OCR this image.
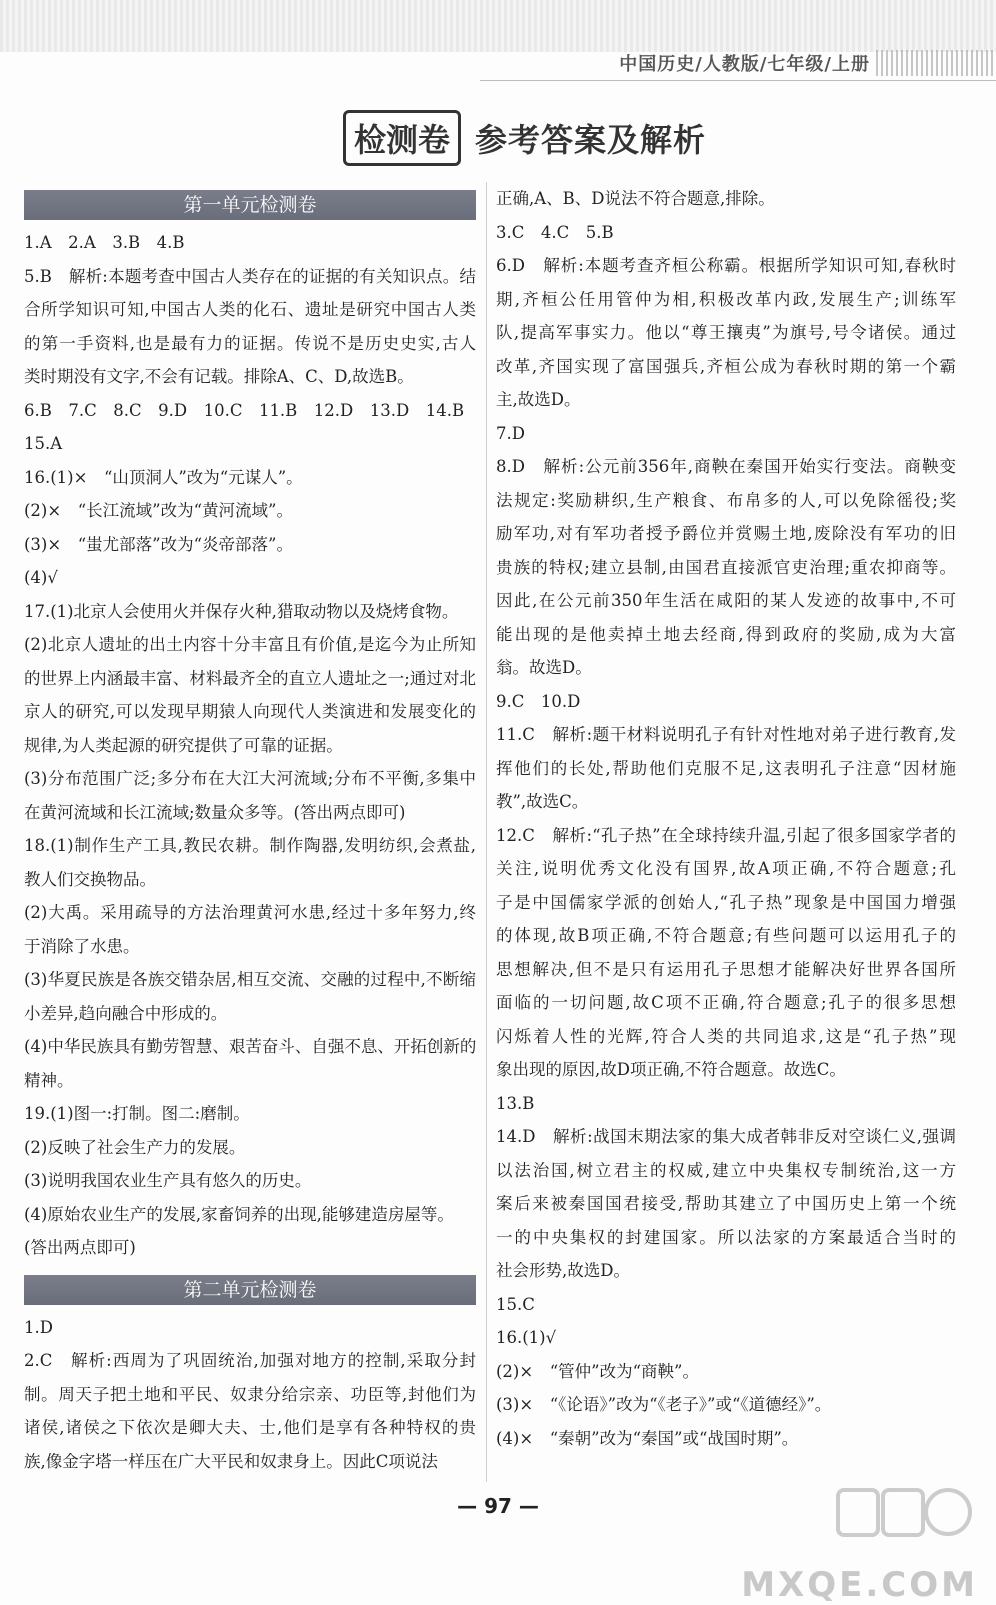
中国历史/人教版/七年级/上册
检测卷 参考答案及解析
第一单元检测卷
1.A　2.A　3.B　4.B
5.B　解析:本题考查中国古人类存在的证据的有关知识点。结
合所学知识可知,中国古人类的化石、遗址是研究中国古人类
的第一手资料,也是最有力的证据。传说不是历史史实,古人
类时期没有文字,不会有记载。排除A、C、D,故选B。
6.B　7.C　8.C　9.D　10.C　11.B　12.D　13.D　14.B
15.A
16.(1)×　“山顶洞人”改为“元谋人”。
(2)×　“长江流域”改为“黄河流域”。
(3)×　“蚩尤部落”改为“炎帝部落”。
(4)√
17.(1)北京人会使用火并保存火种,猎取动物以及烧烤食物。
(2)北京人遗址的出土内容十分丰富且有价值,是迄今为止所知
的世界上内涵最丰富、材料最齐全的直立人遗址之一;通过对北
京人的研究,可以发现早期猿人向现代人类演进和发展变化的
规律,为人类起源的研究提供了可靠的证据。
(3)分布范围广泛;多分布在大江大河流域;分布不平衡,多集中
在黄河流域和长江流域;数量众多等。(答出两点即可)
18.(1)制作生产工具,教民农耕。制作陶器,发明纺织,会煮盐,
教人们交换物品。
(2)大禹。采用疏导的方法治理黄河水患,经过十多年努力,终
于消除了水患。
(3)华夏民族是各族交错杂居,相互交流、交融的过程中,不断缩
小差异,趋向融合中形成的。
(4)中华民族具有勤劳智慧、艰苦奋斗、自强不息、开拓创新的
精神。
19.(1)图一:打制。图二:磨制。
(2)反映了社会生产力的发展。
(3)说明我国农业生产具有悠久的历史。
(4)原始农业生产的发展,家畜饲养的出现,能够建造房屋等。
(答出两点即可)
第二单元检测卷
1.D
2.C　解析:西周为了巩固统治,加强对地方的控制,采取分封
制。周天子把土地和平民、奴隶分给宗亲、功臣等,封他们为
诸侯,诸侯之下依次是卿大夫、士,他们是享有各种特权的贵
族,像金字塔一样压在广大平民和奴隶身上。因此C项说法
正确,A、B、D说法不符合题意,排除。
3.C　4.C　5.B
6.D　解析:本题考查齐桓公称霸。根据所学知识可知,春秋时
期,齐桓公任用管仲为相,积极改革内政,发展生产;训练军
队,提高军事实力。他以“尊王攘夷”为旗号,号令诸侯。通过
改革,齐国实现了富国强兵,齐桓公成为春秋时期的第一个霸
主,故选D。
7.D
8.D　解析:公元前356年,商鞅在秦国开始实行变法。商鞅变
法规定:奖励耕织,生产粮食、布帛多的人,可以免除徭役;奖
励军功,对有军功者授予爵位并赏赐土地,废除没有军功的旧
贵族的特权;建立县制,由国君直接派官吏治理;重农抑商等。
因此,在公元前350年生活在咸阳的某人发迹的故事中,不可
能出现的是他卖掉土地去经商,得到政府的奖励,成为大富
翁。故选D。
9.C　10.D
11.C　解析:题干材料说明孔子有针对性地对弟子进行教育,发
挥他们的长处,帮助他们克服不足,这表明孔子注意“因材施
教”,故选C。
12.C　解析:“孔子热”在全球持续升温,引起了很多国家学者的
关注,说明优秀文化没有国界,故A项正确,不符合题意;孔
子是中国儒家学派的创始人,“孔子热”现象是中国国力增强
的体现,故B项正确,不符合题意;有些问题可以运用孔子的
思想解决,但不是只有运用孔子思想才能解决好世界各国所
面临的一切问题,故C项不正确,符合题意;孔子的很多思想
闪烁着人性的光辉,符合人类的共同追求,这是“孔子热”现
象出现的原因,故D项正确,不符合题意。故选C。
13.B
14.D　解析:战国末期法家的集大成者韩非反对空谈仁义,强调
以法治国,树立君主的权威,建立中央集权专制统治,这一方
案后来被秦国国君接受,帮助其建立了中国历史上第一个统
一的中央集权的封建国家。所以法家的方案最适合当时的
社会形势,故选D。
15.C
16.(1)√
(2)×　“管仲”改为“商鞅”。
(3)×　“《论语》”改为“《老子》”或“《道德经》”。
(4)×　“秦朝”改为“秦国”或“战国时期”。
— 97 —
MXQE.COM
